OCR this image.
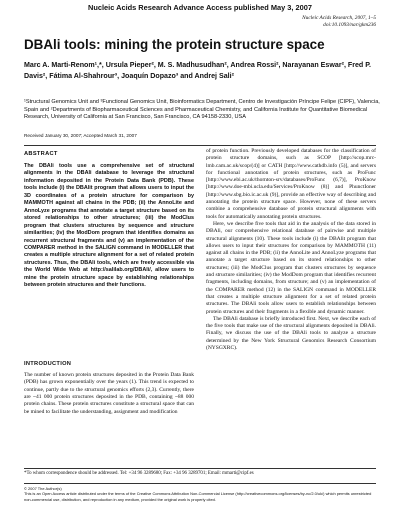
Nucleic Acids Research Advance Access published May 3, 2007
Nucleic Acids Research, 2007, 1–5
doi:10.1093/nar/gkm236
DBAli tools: mining the protein structure space
Marc A. Marti-Renom¹,*, Ursula Pieper², M. S. Madhusudhan², Andrea Rossi², Narayanan Eswar², Fred P. Davis², Fátima Al-Shahrour³, Joaquín Dopazo³ and Andrej Sali²
¹Structural Genomics Unit and ³Functional Genomics Unit, Bioinformatics Department, Centro de Investigación Príncipe Felipe (CIPF), Valencia, Spain and ²Departments of Biopharmaceutical Sciences and Pharmaceutical Chemistry, and California Institute for Quantitative Biomedical Research, University of California at San Francisco, San Francisco, CA 94158-2330, USA
Received January 30, 2007; Accepted March 31, 2007
ABSTRACT
The DBAli tools use a comprehensive set of structural alignments in the DBAli database to leverage the structural information deposited in the Protein Data Bank (PDB). These tools include (i) the DBAlit program that allows users to input the 3D coordinates of a protein structure for comparison by MAMMOTH against all chains in the PDB; (ii) the AnnoLite and AnnoLyze programs that annotate a target structure based on its stored relationships to other structures; (iii) the ModClus program that clusters structures by sequence and structure similarities; (iv) the ModDom program that identifies domains as recurrent structural fragments and (v) an implementation of the COMPARER method in the SALIGN command in MODELLER that creates a multiple structure alignment for a set of related protein structures. Thus, the DBAli tools, which are freely accessible via the World Wide Web at http://salilab.org/DBAli/, allow users to mine the protein structure space by establishing relationships between protein structures and their functions.
INTRODUCTION
The number of known protein structures deposited in the Protein Data Bank (PDB) has grown exponentially over the years (1). This trend is expected to continue, partly due to the structural genomics efforts (2,3). Currently, there are ~41 000 protein structures deposited in the PDB, containing ~88 000 protein chains. These protein structures constitute a structural space that can be mined to facilitate the understanding, assignment and modification
of protein function. Previously developed databases for the classification of protein structure domains, such as SCOP [http://scop.mrc-lmb.cam.ac.uk/scop/(4)] or CATH [http://www.cathdb.info (5)], and servers for functional annotation of protein structures, such as ProFunc [http://www.ebi.ac.uk/thornton-srv/databases/ProFunc (6,7)], ProKnow [http://www.doe-mbi.ucla.edu/Services/ProKnow (8)] and PhunctIoner [http://www.sbg.bio.ic.ac.uk (9)], provide an effective way of describing and annotating the protein structure space. However, none of these servers combine a comprehensive database of protein structural alignments with tools for automatically annotating protein structures.
Here, we describe five tools that aid in the analysis of the data stored in DBAli, our comprehensive relational database of pairwise and multiple structural alignments (10). These tools include (i) the DBAlit program that allows users to input their structures for comparison by MAMMOTH (11) against all chains in the PDB; (ii) the AnnoLite and AnnoLyze programs that annotate a target structure based on its stored relationships to other structures; (iii) the ModClus program that clusters structures by sequence and structure similarities; (iv) the ModDom program that identifies recurrent fragments, including domains, from structure; and (v) an implementation of the COMPARER method (12) in the SALIGN command in MODELLER that creates a multiple structure alignment for a set of related protein structures. The DBAli tools allow users to establish relationships between protein structures and their fragments in a flexible and dynamic manner.
The DBAli database is briefly introduced first. Next, we describe each of the five tools that make use of the structural alignments deposited in DBAli. Finally, we discuss the use of the DBAli tools to analyze a structure determined by the New York Structural Genomics Research Consortium (NYSGXRC).
*To whom correspondence should be addressed. Tel: +34 96 3289680; Fax: +34 96 3289701; Email: mmarti@cipf.es
© 2007 The Author(s)
This is an Open Access article distributed under the terms of the Creative Commons Attribution Non-Commercial License (http://creativecommons.org/licenses/by-nc/2.0/uk/) which permits unrestricted non-commercial use, distribution, and reproduction in any medium, provided the original work is properly cited.
